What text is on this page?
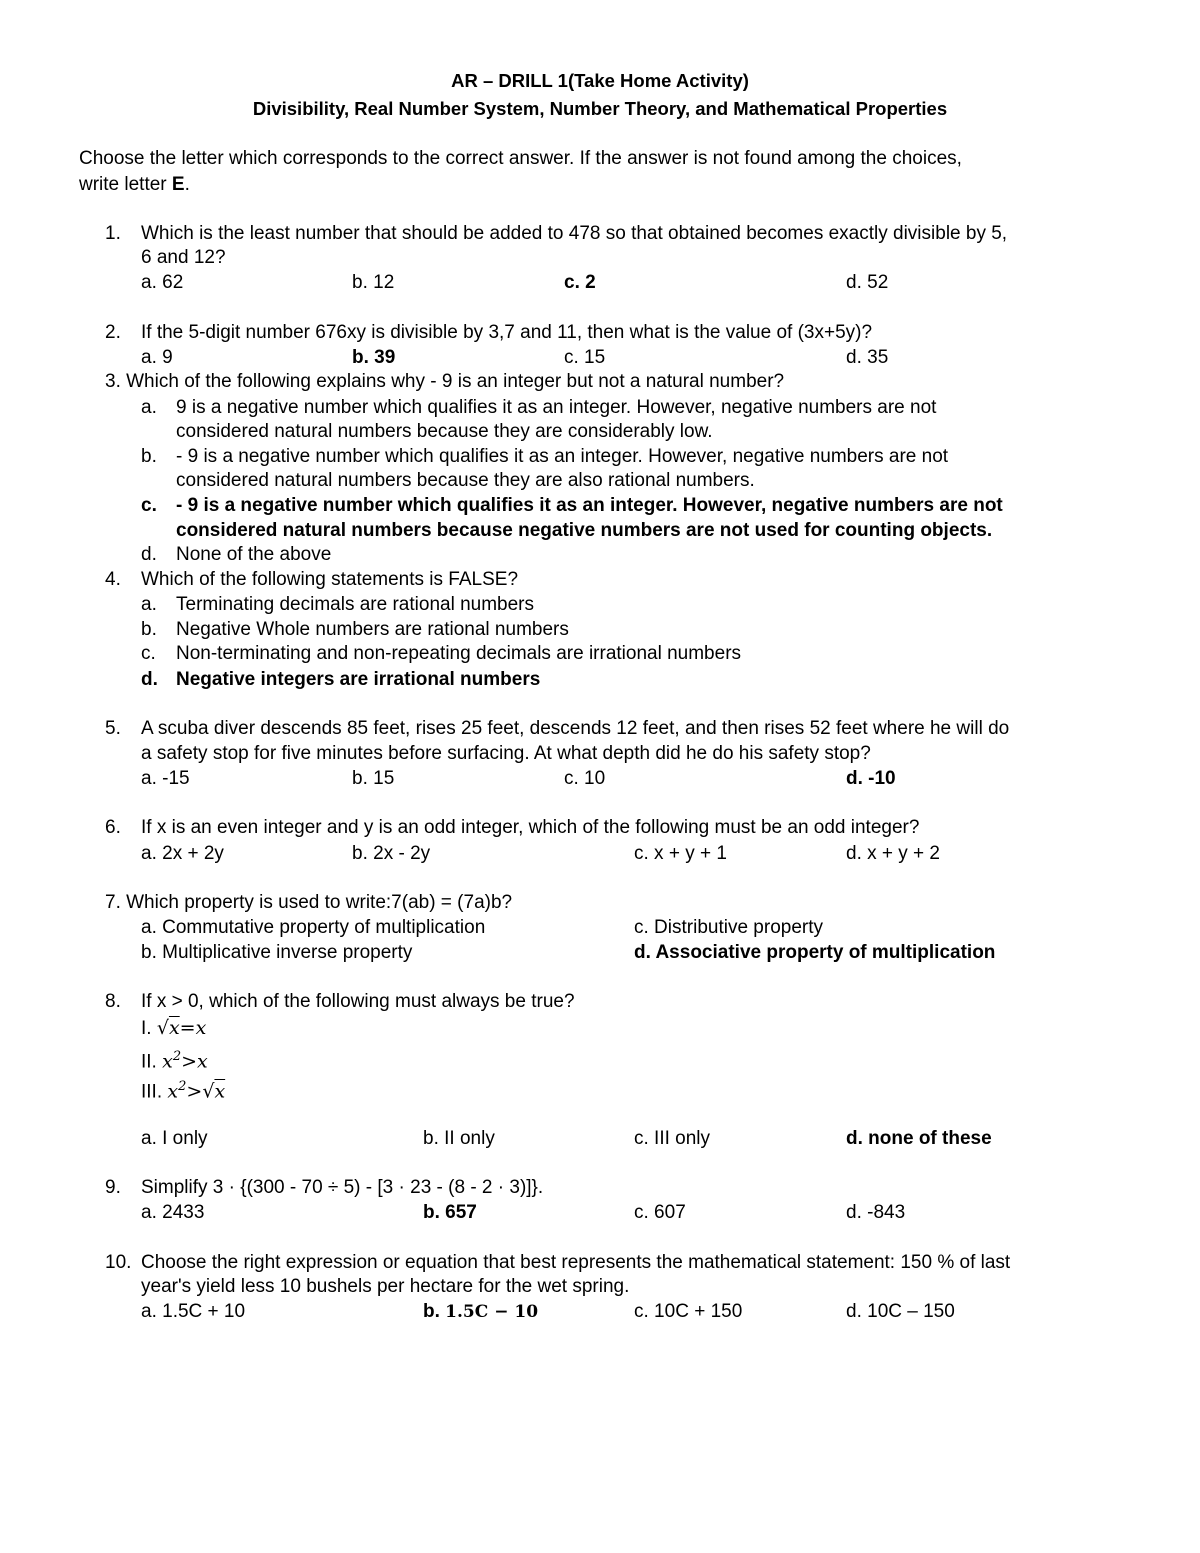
AR – DRILL 1(Take Home Activity)
Divisibility, Real Number System, Number Theory, and Mathematical Properties
Choose the letter which corresponds to the correct answer. If the answer is not found among the choices,
write letter E.
1. Which is the least number that should be added to 478 so that obtained becomes exactly divisible by 5,
6 and 12?
a. 62	b. 12	c. 2	d. 52
2. If the 5-digit number 676xy is divisible by 3,7 and 11, then what is the value of (3x+5y)?
a. 9	b. 39	c. 15	d. 35
3. Which of the following explains why - 9 is an integer but not a natural number?
a. 9 is a negative number which qualifies it as an integer. However, negative numbers are not
considered natural numbers because they are considerably low.
b. - 9 is a negative number which qualifies it as an integer. However, negative numbers are not
considered natural numbers because they are also rational numbers.
c. - 9 is a negative number which qualifies it as an integer. However, negative numbers are not
considered natural numbers because negative numbers are not used for counting objects.
d. None of the above
4. Which of the following statements is FALSE?
a. Terminating decimals are rational numbers
b. Negative Whole numbers are rational numbers
c. Non-terminating and non-repeating decimals are irrational numbers
d. Negative integers are irrational numbers
5. A scuba diver descends 85 feet, rises 25 feet, descends 12 feet, and then rises 52 feet where he will do
a safety stop for five minutes before surfacing. At what depth did he do his safety stop?
a. -15	b. 15	c. 10	d. -10
6. If x is an even integer and y is an odd integer, which of the following must be an odd integer?
a. 2x + 2y	b. 2x - 2y	c. x + y + 1	d. x + y + 2
7. Which property is used to write:7(ab) = (7a)b?
a. Commutative property of multiplication	c. Distributive property
b. Multiplicative inverse property	d. Associative property of multiplication
8. If x > 0, which of the following must always be true?
I. √x=x
II. $x^2>x$
III. $x^2>√x$
a. I only	b. II only	c. III only	d. none of these
9. Simplify 3 · {(300 - 70 ÷ 5) - [3 · 23 - (8 - 2 · 3)]}.
a. 2433	b. 657	c. 607	d. -843
10. Choose the right expression or equation that best represents the mathematical statement: 150 % of last
year's yield less 10 bushels per hectare for the wet spring.
a. 1.5C + 10	b. 1.5C − 10	c. 10C + 150	d. 10C – 150
